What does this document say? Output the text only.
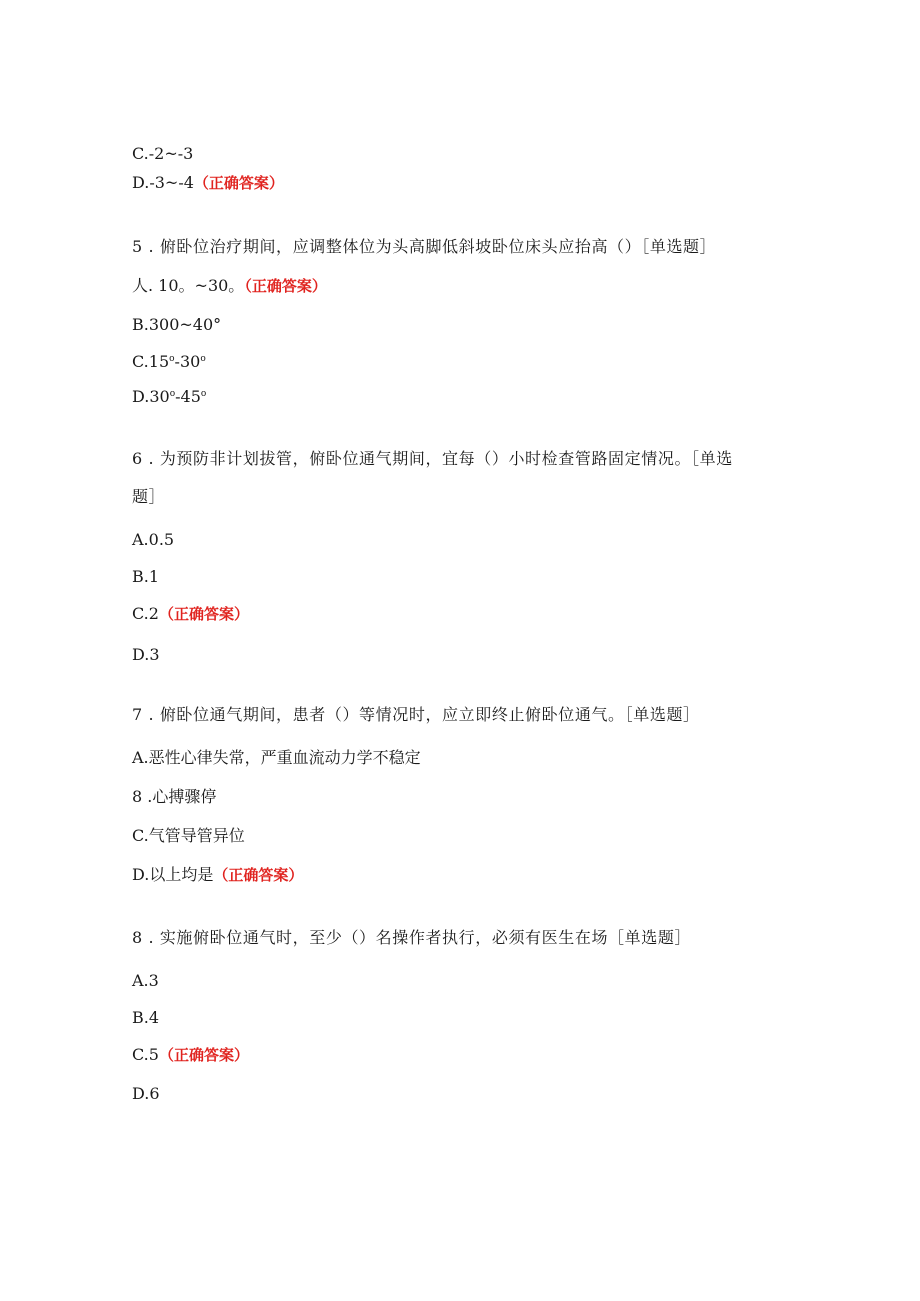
C.-2~-3
D.-3~-4（正确答案）
5 . 俯卧位治疗期间，应调整体位为头高脚低斜坡卧位床头应抬高（）［单选题］
人. 10。~30。（正确答案）
B.300~40°
C.15$^o$-30$^o$
D.30$^o$-45$^o$
6 . 为预防非计划拔管，俯卧位通气期间，宜每（）小时检查管路固定情况。［单选
题］
A.0.5
B.1
C.2（正确答案）
D.3
7 . 俯卧位通气期间，患者（）等情况时，应立即终止俯卧位通气。［单选题］
A.恶性心律失常，严重血流动力学不稳定
8 .心搏骤停
C.气管导管异位
D.以上均是（正确答案）
8 . 实施俯卧位通气时，至少（）名操作者执行，必须有医生在场［单选题］
A.3
B.4
C.5（正确答案）
D.6
